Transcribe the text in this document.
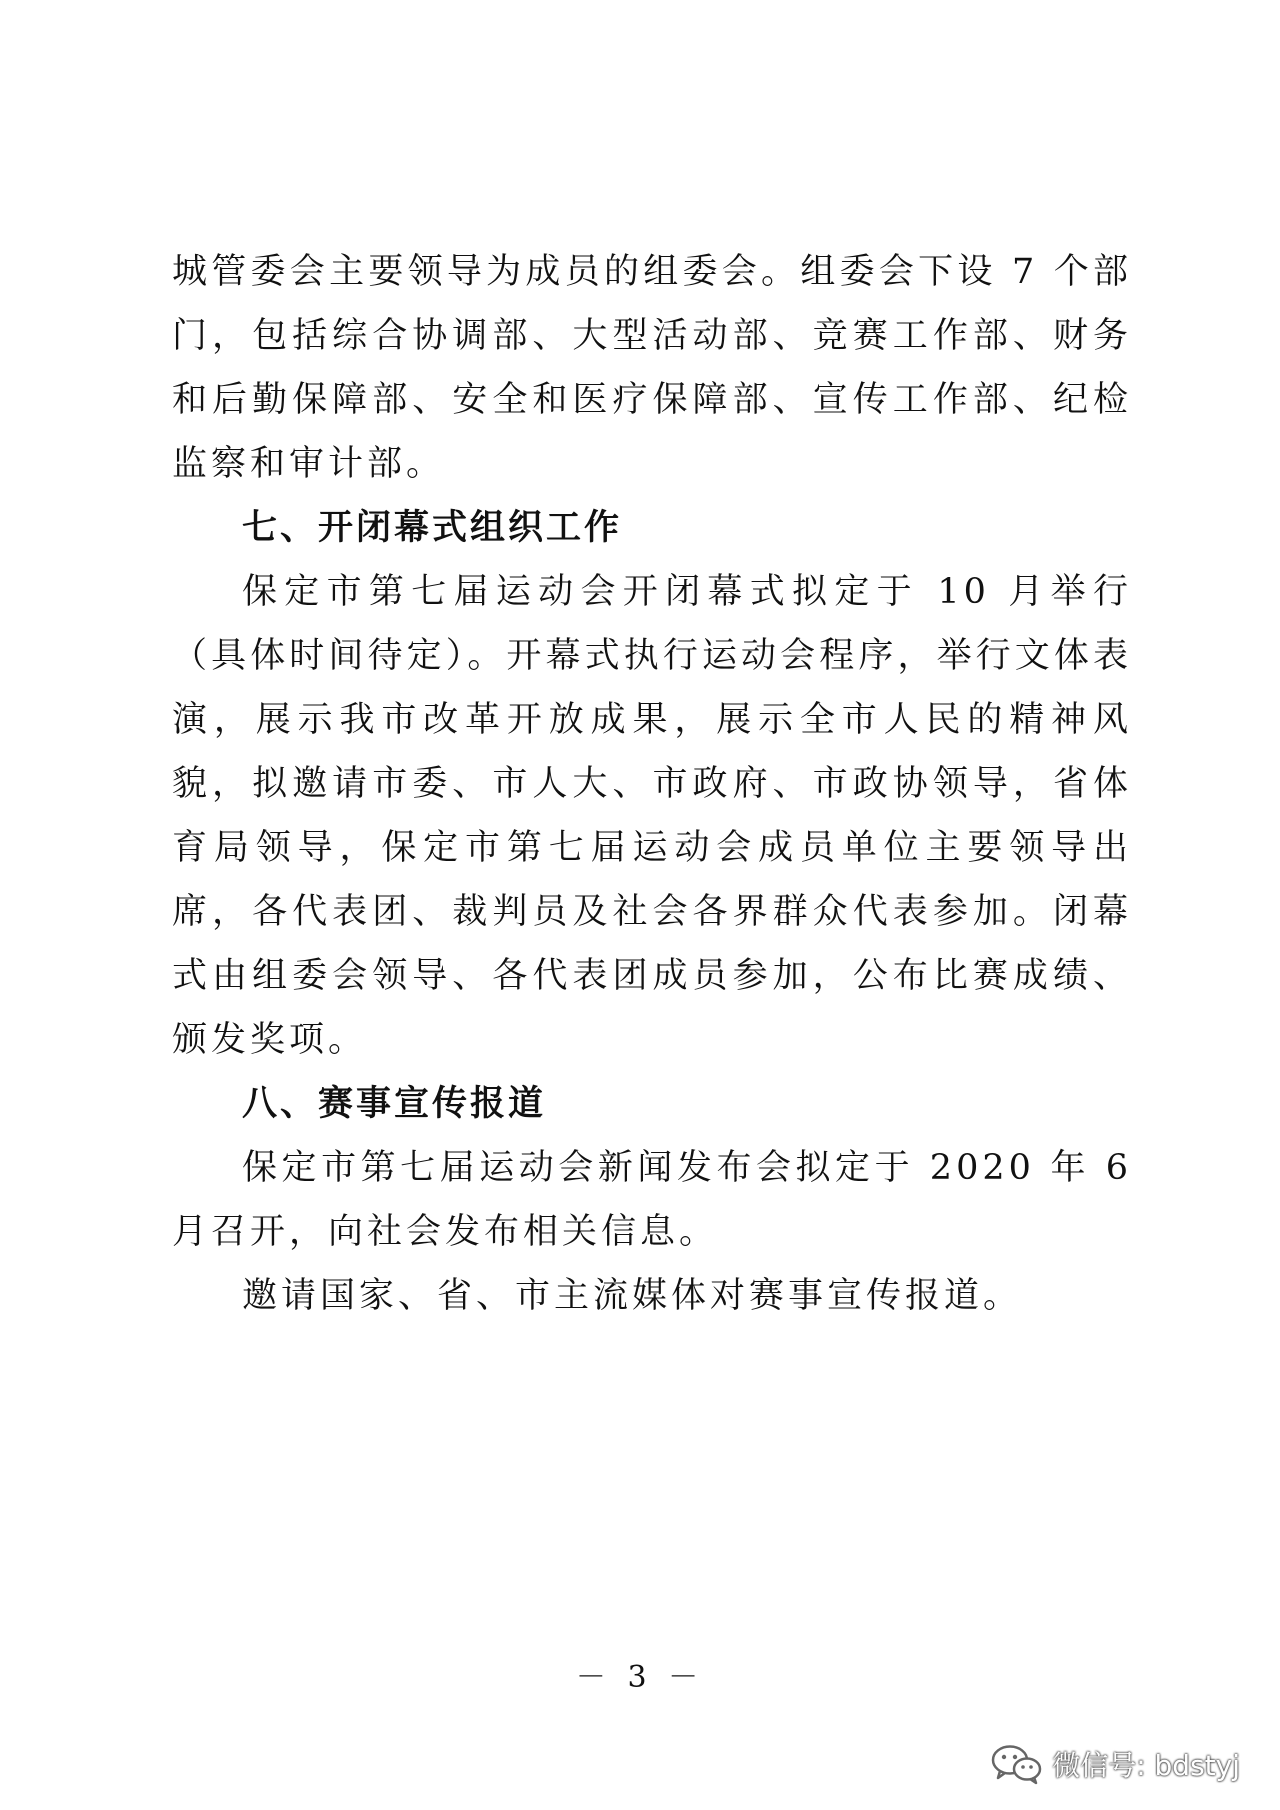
城管委会主要领导为成员的组委会。组委会下设 7 个部门，包括综合协调部、大型活动部、竞赛工作部、财务和后勤保障部、安全和医疗保障部、宣传工作部、纪检监察和审计部。

七、开闭幕式组织工作

保定市第七届运动会开闭幕式拟定于 10 月举行（具体时间待定）。开幕式执行运动会程序，举行文体表演，展示我市改革开放成果，展示全市人民的精神风貌，拟邀请市委、市人大、市政府、市政协领导，省体育局领导，保定市第七届运动会成员单位主要领导出席，各代表团、裁判员及社会各界群众代表参加。闭幕式由组委会领导、各代表团成员参加，公布比赛成绩、颁发奖项。

八、赛事宣传报道

保定市第七届运动会新闻发布会拟定于 2020 年 6 月召开，向社会发布相关信息。

邀请国家、省、市主流媒体对赛事宣传报道。

－ 3 －
微信号: bdstyj
